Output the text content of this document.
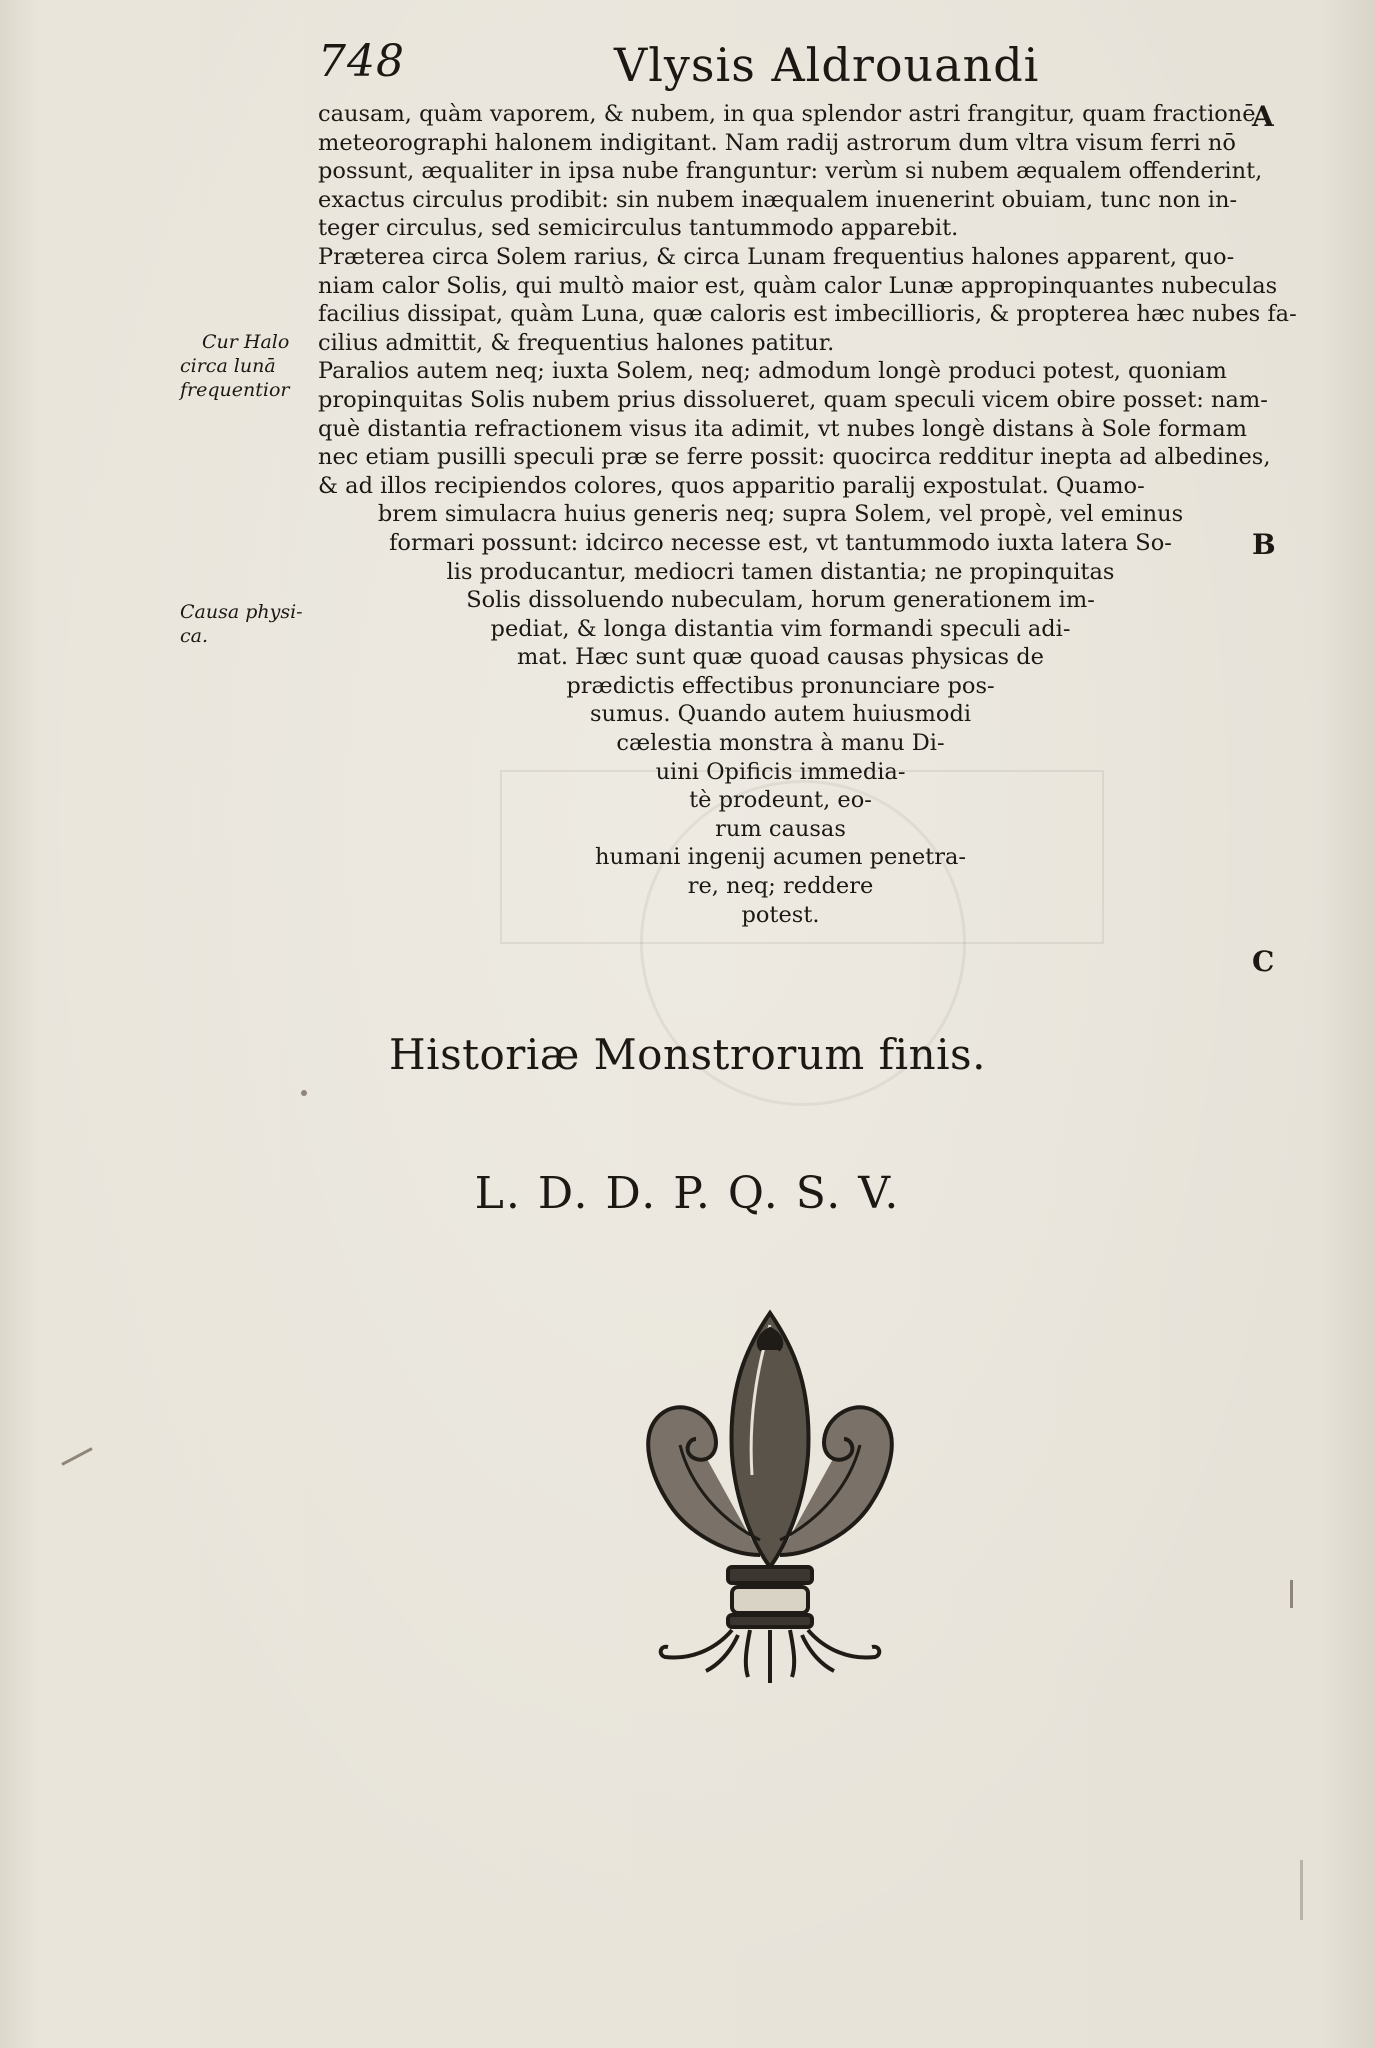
748	Vlysis Aldrouandi
Cur Halo
circa lunā
frequentior
Causa physi-
ca.
A
B
C
causam, quàm vaporem, & nubem, in qua splendor astri frangitur, quam fractionē
meteorographi halonem indigitant. Nam radij astrorum dum vltra visum ferri nō
possunt, æqualiter in ipsa nube franguntur: verùm si nubem æqualem offenderint,
exactus circulus prodibit: sin nubem inæqualem inuenerint obuiam, tunc non in-
teger circulus, sed semicirculus tantummodo apparebit.
Præterea circa Solem rarius, & circa Lunam frequentius halones apparent, quo-
niam calor Solis, qui multò maior est, quàm calor Lunæ appropinquantes nubeculas
facilius dissipat, quàm Luna, quæ caloris est imbecillioris, & propterea hæc nubes fa-
cilius admittit, & frequentius halones patitur.
Paralios autem neq; iuxta Solem, neq; admodum longè produci potest, quoniam
propinquitas Solis nubem prius dissolueret, quam speculi vicem obire posset: nam-
què distantia refractionem visus ita adimit, vt nubes longè distans à Sole formam
nec etiam pusilli speculi præ se ferre possit: quocirca redditur inepta ad albedines,
& ad illos recipiendos colores, quos apparitio paralij expostulat. Quamo-
brem simulacra huius generis neq; supra Solem, vel propè, vel eminus
formari possunt: idcirco necesse est, vt tantummodo iuxta latera So-
lis producantur, mediocri tamen distantia; ne propinquitas
Solis dissoluendo nubeculam, horum generationem im-
pediat, & longa distantia vim formandi speculi adi-
mat. Hæc sunt quæ quoad causas physicas de
prædictis effectibus pronunciare pos-
sumus. Quando autem huiusmodi
cælestia monstra à manu Di-
uini Opificis immedia-
tè prodeunt, eo-
rum causas
humani ingenij acumen penetra-
re, neq; reddere
potest.
Historiæ Monstrorum finis.
L. D. D. P. Q. S. V.
